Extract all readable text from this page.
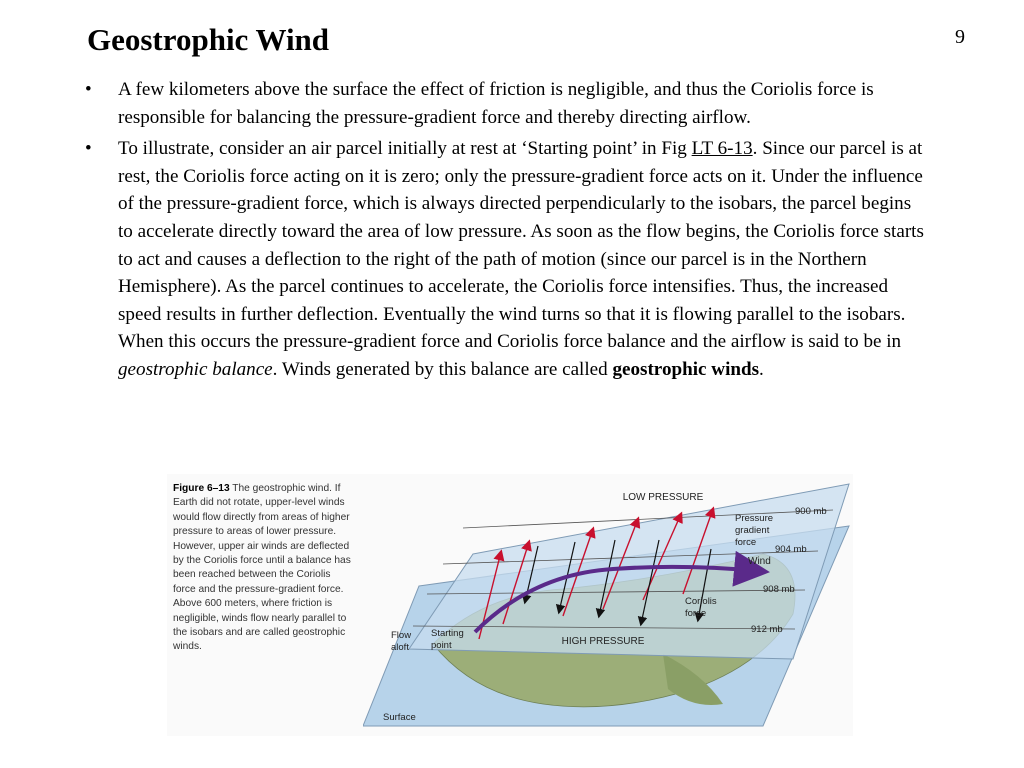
Geostrophic Wind	9
• A few kilometers above the surface the effect of friction is negligible, and thus the Coriolis force is responsible for balancing the pressure-gradient force and thereby directing airflow.
• To illustrate, consider an air parcel initially at rest at ‘Starting point’ in Fig LT 6-13. Since our parcel is at rest, the Coriolis force acting on it is zero; only the pressure-gradient force acts on it. Under the influence of the pressure-gradient force, which is always directed perpendicularly to the isobars, the parcel begins to accelerate directly toward the area of low pressure. As soon as the flow begins, the Coriolis force starts to act and causes a deflection to the right of the path of motion (since our parcel is in the Northern Hemisphere). As the parcel continues to accelerate, the Coriolis force intensifies. Thus, the increased speed results in further deflection. Eventually the wind turns so that it is flowing parallel to the isobars. When this occurs the pressure-gradient force and Coriolis force balance and the airflow is said to be in geostrophic balance. Winds generated by this balance are called geostrophic winds.
Figure 6–13 The geostrophic wind. If Earth did not rotate, upper-level winds would flow directly from areas of higher pressure to areas of lower pressure. However, upper air winds are deflected by the Coriolis force until a balance has been reached between the Coriolis force and the pressure-gradient force. Above 600 meters, where friction is negligible, winds flow nearly parallel to the isobars and are called geostrophic winds.
LOW PRESSURE
HIGH PRESSURE
Pressure
gradient
force
Wind
Coriolis
force
Starting
point
Flow
aloft
Surface
900 mb
904 mb
908 mb
912 mb
